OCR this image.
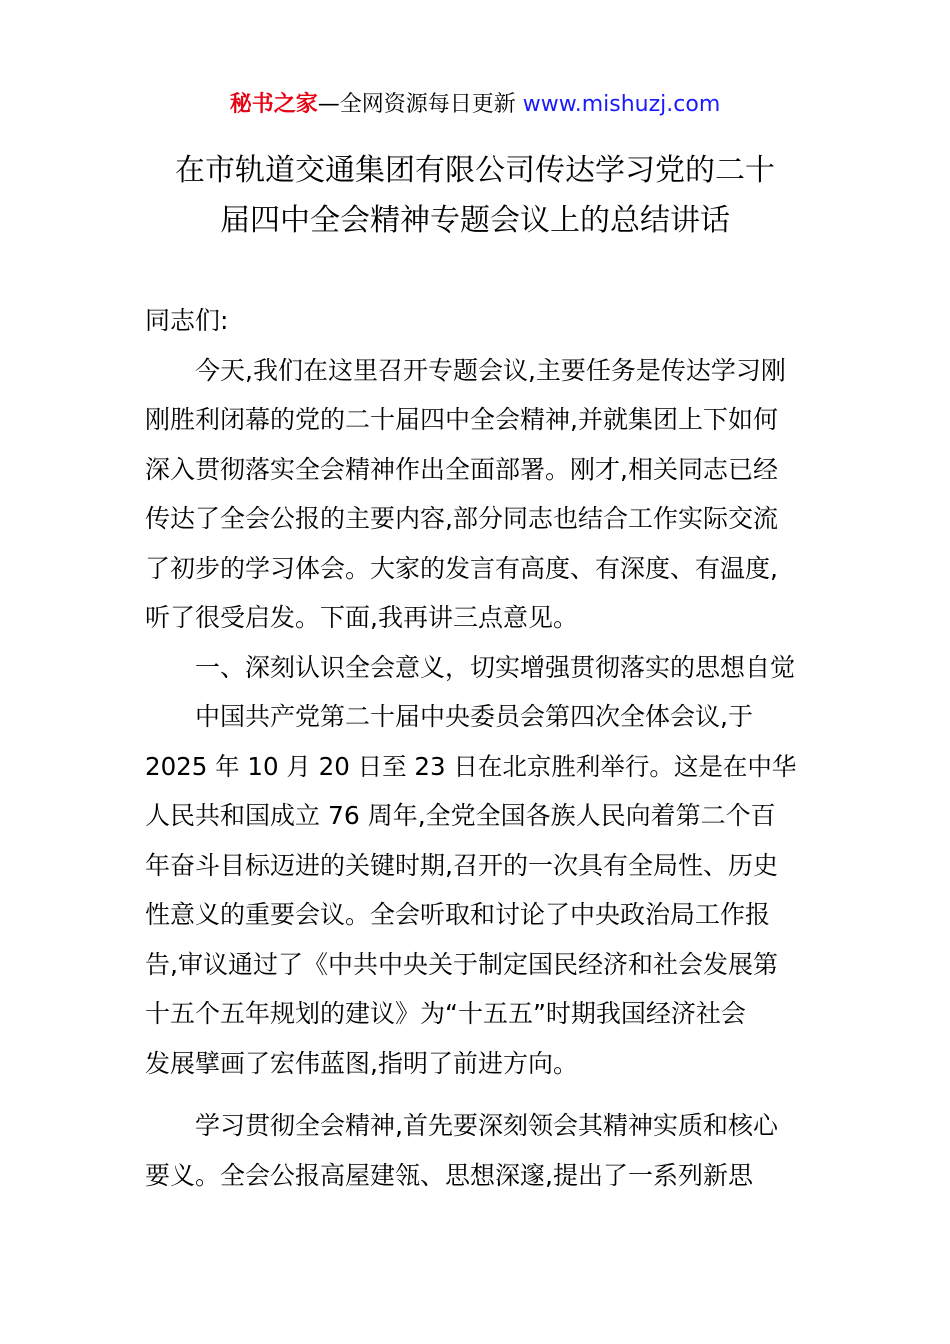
秘书之家—全网资源每日更新 www.mishuzj.com
在市轨道交通集团有限公司传达学习党的二十
届四中全会精神专题会议上的总结讲话
同志们:
今天,我们在这里召开专题会议,主要任务是传达学习刚
刚胜利闭幕的党的二十届四中全会精神,并就集团上下如何
深入贯彻落实全会精神作出全面部署。刚才,相关同志已经
传达了全会公报的主要内容,部分同志也结合工作实际交流
了初步的学习体会。大家的发言有高度、有深度、有温度,
听了很受启发。下面,我再讲三点意见。
一、深刻认识全会意义，切实增强贯彻落实的思想自觉
中国共产党第二十届中央委员会第四次全体会议,于
2025 年 10 月 20 日至 23 日在北京胜利举行。这是在中华
人民共和国成立 76 周年,全党全国各族人民向着第二个百
年奋斗目标迈进的关键时期,召开的一次具有全局性、历史
性意义的重要会议。全会听取和讨论了中央政治局工作报
告,审议通过了《中共中央关于制定国民经济和社会发展第
十五个五年规划的建议》为“十五五”时期我国经济社会
发展擘画了宏伟蓝图,指明了前进方向。
学习贯彻全会精神,首先要深刻领会其精神实质和核心
要义。全会公报高屋建瓴、思想深邃,提出了一系列新思
